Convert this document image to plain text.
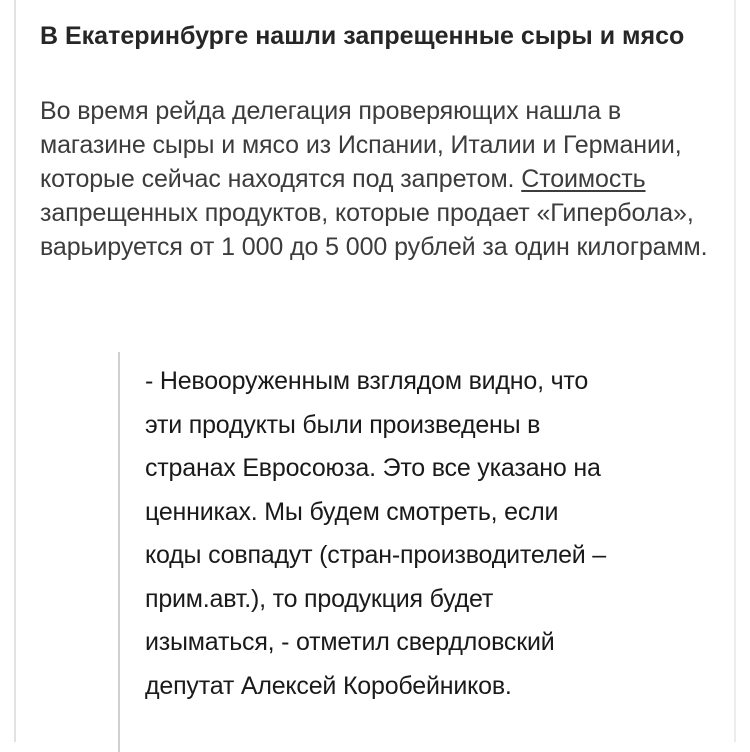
В Екатеринбурге нашли запрещенные сыры и мясо

Во время рейда делегация проверяющих нашла в магазине сыры и мясо из Испании, Италии и Германии, которые сейчас находятся под запретом. Стоимость запрещенных продуктов, которые продает «Гипербола», варьируется от 1 000 до 5 000 рублей за один килограмм.

- Невооруженным взглядом видно, что эти продукты были произведены в странах Евросоюза. Это все указано на ценниках. Мы будем смотреть, если коды совпадут (стран-производителей – прим.авт.), то продукция будет изыматься, - отметил свердловский депутат Алексей Коробейников.
